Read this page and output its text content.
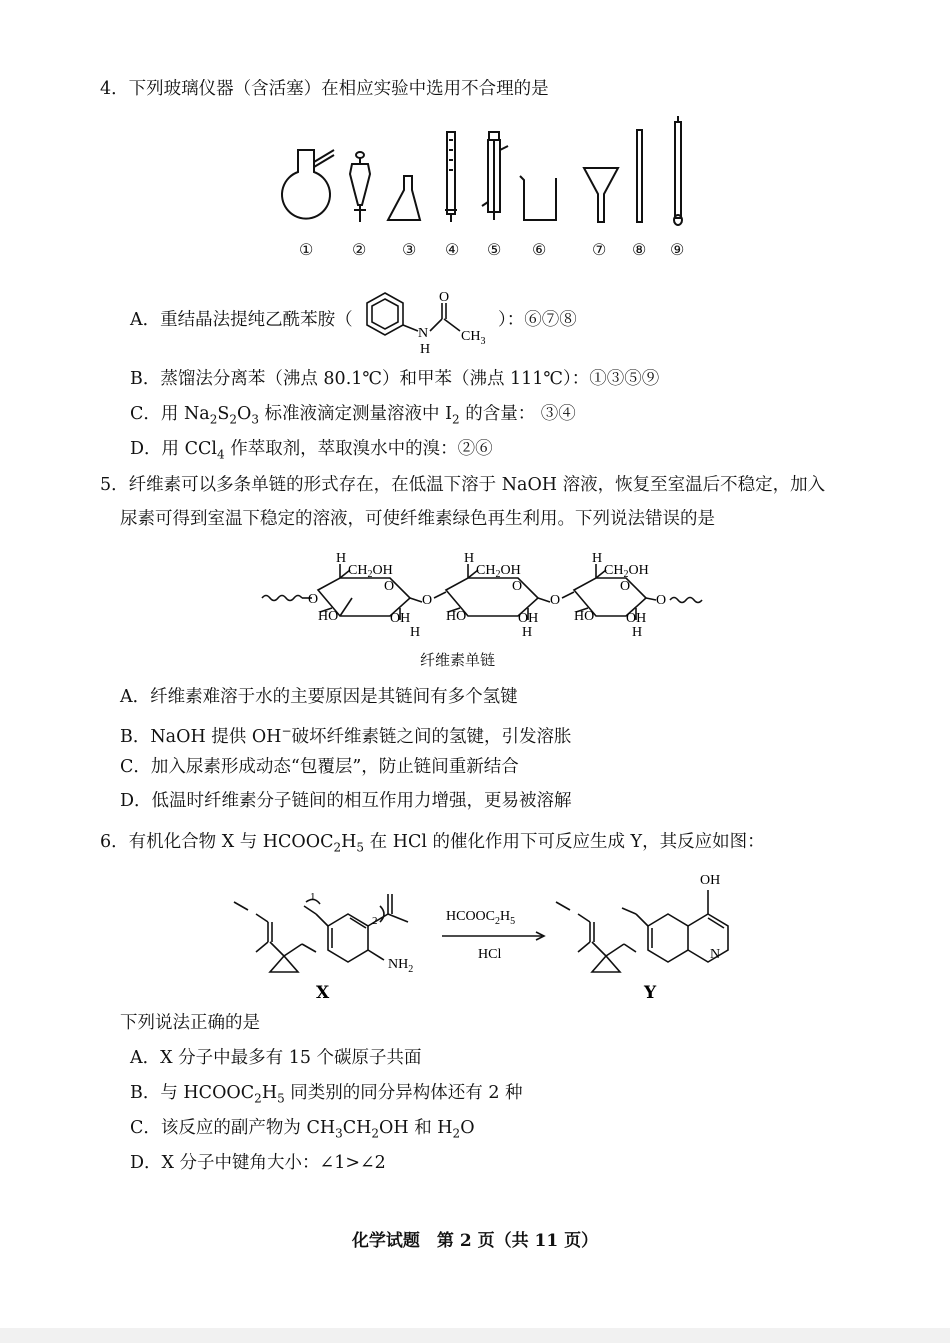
4．下列玻璃仪器（含活塞）在相应实验中选用不合理的是
① ② ③ ④ ⑤ ⑥	⑦ ⑧ ⑨
A．重结晶法提纯乙酰苯胺（
N
H
O
$CH_3$
）：⑥⑦⑧
B．蒸馏法分离苯（沸点 80.1℃）和甲苯（沸点 111℃）：①③⑤⑨
C．用 $Na_2S_2O_3$ 标准液滴定测量溶液中 $I_2$ 的含量： ③④
D．用 CCl$_4$ 作萃取剂，萃取溴水中的溴：②⑥
5．纤维素可以多条单链的形式存在，在低温下溶于 NaOH 溶液，恢复至室温后不稳定，加入
尿素可得到室温下稳定的溶液，可使纤维素绿色再生利用。下列说法错误的是
H
$CH_2OH$
O
O
HO	OH
H
O
H
$CH_2OH$
O
HO	OH
H
O
H
$CH_2OH$
O
HO OH
H
O
纤维素单链
A．纤维素难溶于水的主要原因是其链间有多个氢键
B．NaOH 提供 OH−破坏纤维素链之间的氢键，引发溶胀
C．加入尿素形成动态“包覆层”，防止链间重新结合
D．低温时纤维素分子链间的相互作用力增强，更易被溶解
6．有机化合物 X 与 $HCOOC_2H_5$ 在 HCl 的催化作用下可反应生成 Y，其反应如图：
1
2
$NH_2$
$HCOOC_2H_5$
HCl
OH
N
X	Y
下列说法正确的是
A．X 分子中最多有 15 个碳原子共面
B．与 $HCOOC_2H_5$ 同类别的同分异构体还有 2 种
C．该反应的副产物为 $CH_3CH_2OH$ 和 $H_2O$
D．X 分子中键角大小：∠1>∠2
化学试题　第 2 页（共 11 页）
